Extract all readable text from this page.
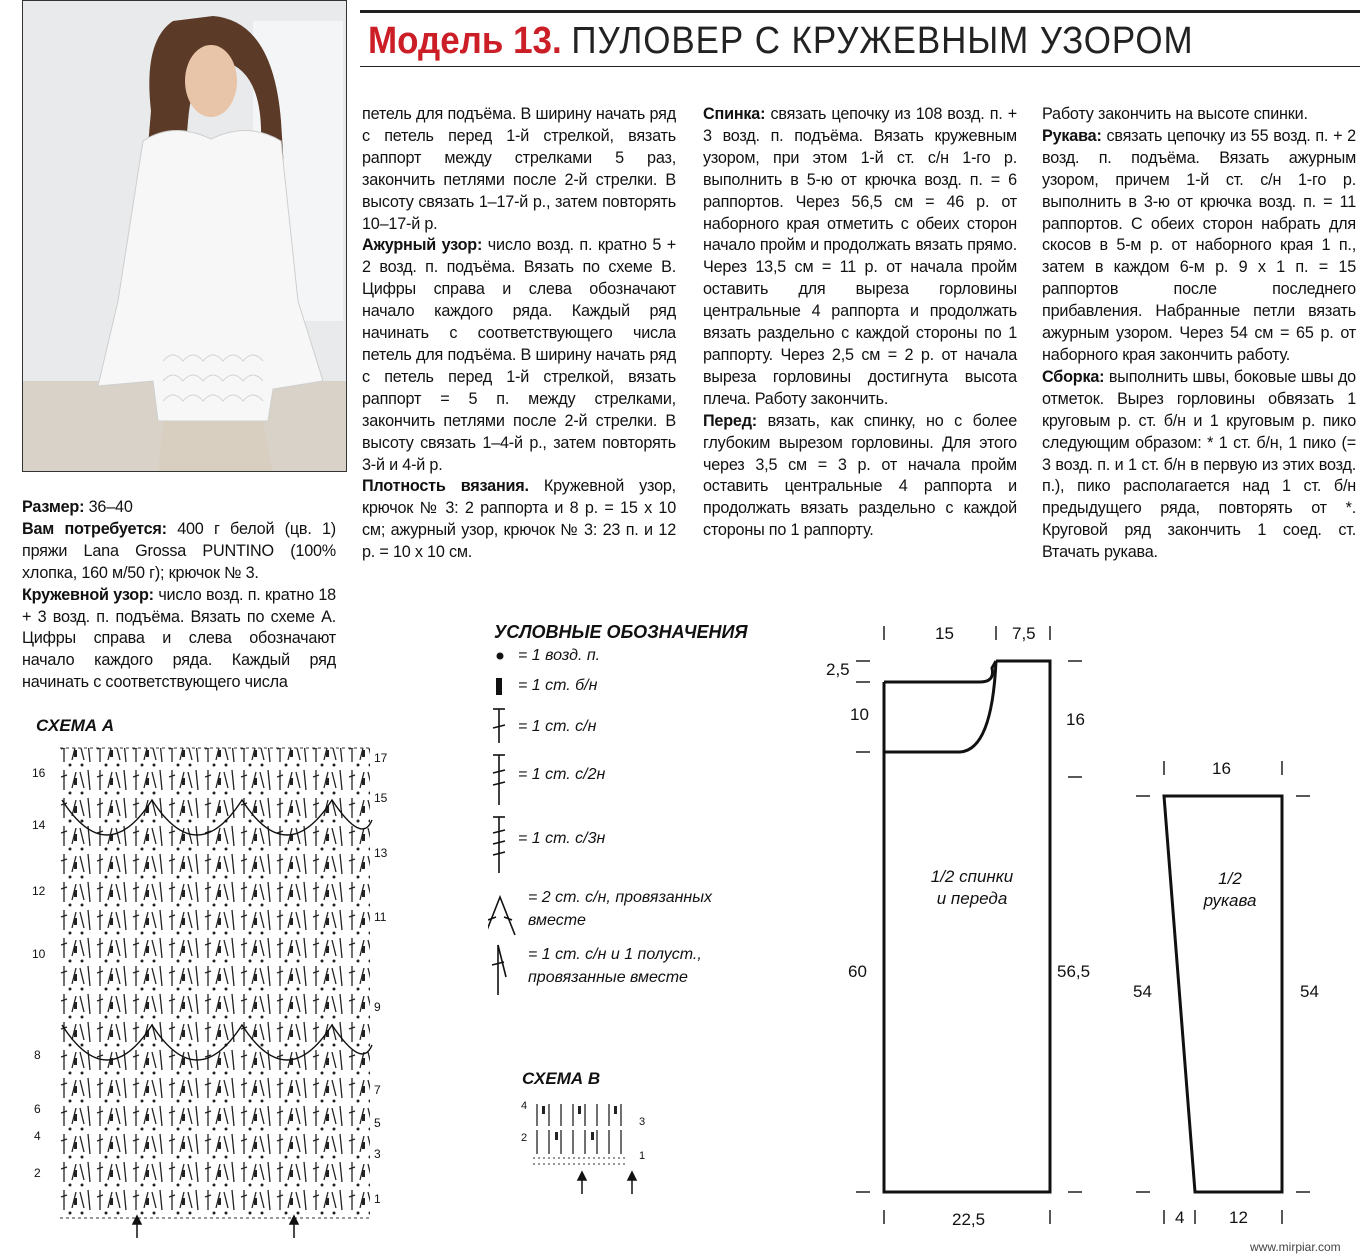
Модель 13. ПУЛОВЕР С КРУЖЕВНЫМ УЗОРОМ

Размер: 36–40

Вам потребуется: 400 г белой (цв. 1) пряжи Lana Grossa PUNTINO (100% хлопка, 160 м/50 г); крючок № 3.

Кружевной узор: число возд. п. кратно 18 + 3 возд. п. подъёма. Вязать по схеме А. Цифры справа и слева обозначают начало каждого ряда. Каждый ряд начинать с соответствующего числа

петель для подъёма. В ширину начать ряд с петель перед 1-й стрелкой, вязать раппорт между стрелками 5 раз, закончить петлями после 2-й стрелки. В высоту связать 1–17-й р., затем повторять 10–17-й р.

Ажурный узор: число возд. п. кратно 5 + 2 возд. п. подъёма. Вязать по схеме В. Цифры справа и слева обозначают начало каждого ряда. Каждый ряд начинать с соответствующего числа петель для подъёма. В ширину начать ряд с петель перед 1-й стрелкой, вязать раппорт = 5 п. между стрелками, закончить петлями после 2-й стрелки. В высоту связать 1–4-й р., затем повторять 3-й и 4-й р.

Плотность вязания. Кружевной узор, крючок № 3: 2 раппорта и 8 р. = 15 х 10 см; ажурный узор, крючок № 3: 23 п. и 12 р. = 10 х 10 см.

Спинка: связать цепочку из 108 возд. п. + 3 возд. п. подъёма. Вязать кружевным узором, при этом 1-й ст. с/н 1-го р. выполнить в 5-ю от крючка возд. п. = 6 раппортов. Через 56,5 см = 46 р. от наборного края отметить с обеих сторон начало пройм и продолжать вязать прямо. Через 13,5 см = 11 р. от начала пройм оставить для выреза горловины центральные 4 раппорта и продолжать вязать раздельно с каждой стороны по 1 раппорту. Через 2,5 см = 2 р. от начала выреза горловины достигнута высота плеча. Работу закончить.

Перед: вязать, как спинку, но с более глубоким вырезом горловины. Для этого через 3,5 см = 3 р. от начала пройм оставить центральные 4 раппорта и продолжать вязать раздельно с каждой стороны по 1 раппорту.

Работу закончить на высоте спинки.

Рукава: связать цепочку из 55 возд. п. + 2 возд. п. подъёма. Вязать ажурным узором, причем 1-й ст. с/н 1-го р. выполнить в 3-ю от крючка возд. п. = 11 раппортов. С обеих сторон набрать для скосов в 5-м р. от наборного края 1 п., затем в каждом 6-м р. 9 х 1 п. = 15 раппортов после последнего прибавления. Набранные петли вязать ажурным узором. Через 54 см = 65 р. от наборного края закончить работу.

Сборка: выполнить швы, боковые швы до отметок. Вырез горловины обвязать 1 круговым р. ст. б/н и 1 круговым р. пико следующим образом: * 1 ст. б/н, 1 пико (= 3 возд. п. и 1 ст. б/н в первую из этих возд. п.), пико располагается над 1 ст. б/н предыдущего ряда, повторять от *. Круговой ряд закончить 1 соед. ст. Втачать рукава.

УСЛОВНЫЕ ОБОЗНАЧЕНИЯ
= 1 возд. п.
= 1 ст. б/н
= 1 ст. с/н
= 1 ст. с/2н
= 1 ст. с/3н
= 2 ст. с/н, провязанных вместе
= 1 ст. с/н и 1 полуст., провязанные вместе
СХЕМА А
16
14
12
10
8
6
4
2
17
15
13
11
9
7
5
3
1
СХЕМА В
4
2
3
1
15	7,5
2,5
10	16
60	56,5
22,5
1/2 спинки
и переда
16
54	54
4	12
1/2
рукава
www.mirpiar.com
